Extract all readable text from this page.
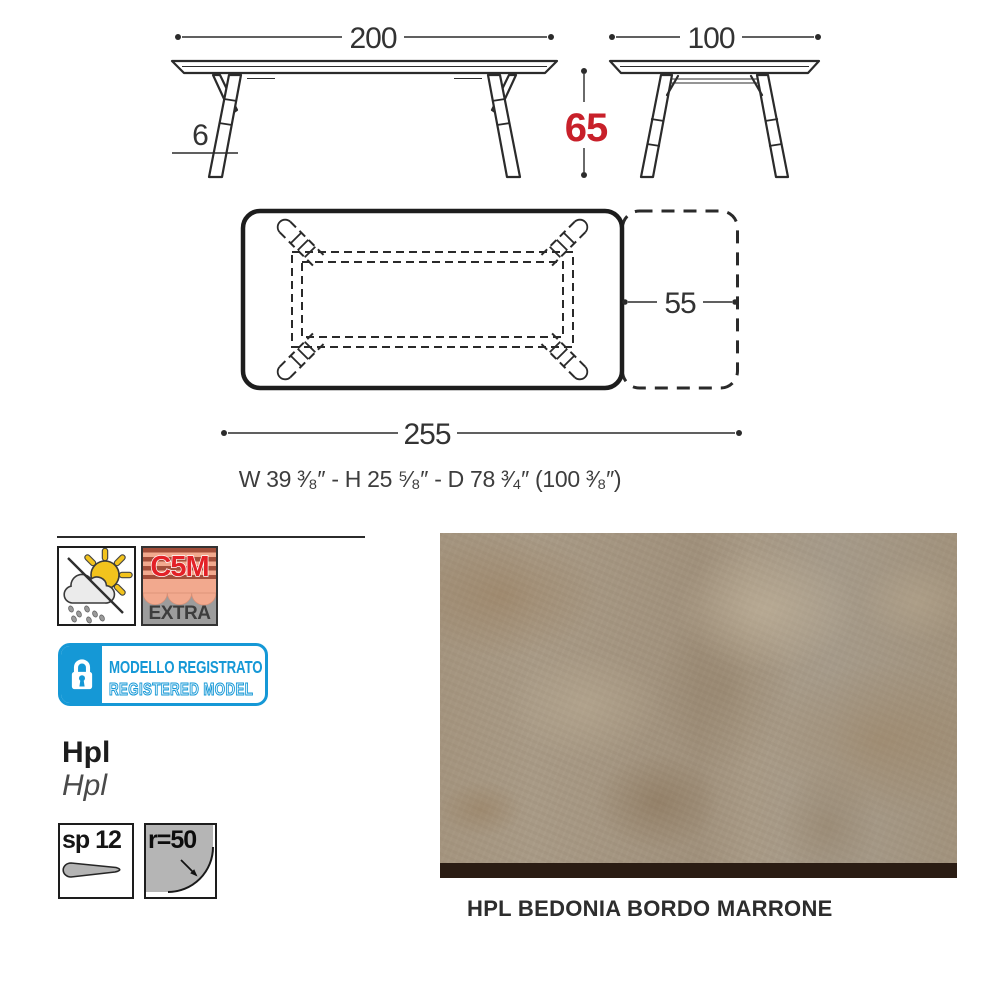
55
255
200
6	65
100
W 39 ³⁄₈″ - H 25 ⁵⁄₈″ - D 78 ³⁄₄″ (100 ³⁄₈″)
C5M
EXTRA
MODELLO REGISTRATO
REGISTERED MODEL
Hpl
Hpl
sp 12 r=50
HPL BEDONIA BORDO MARRONE
